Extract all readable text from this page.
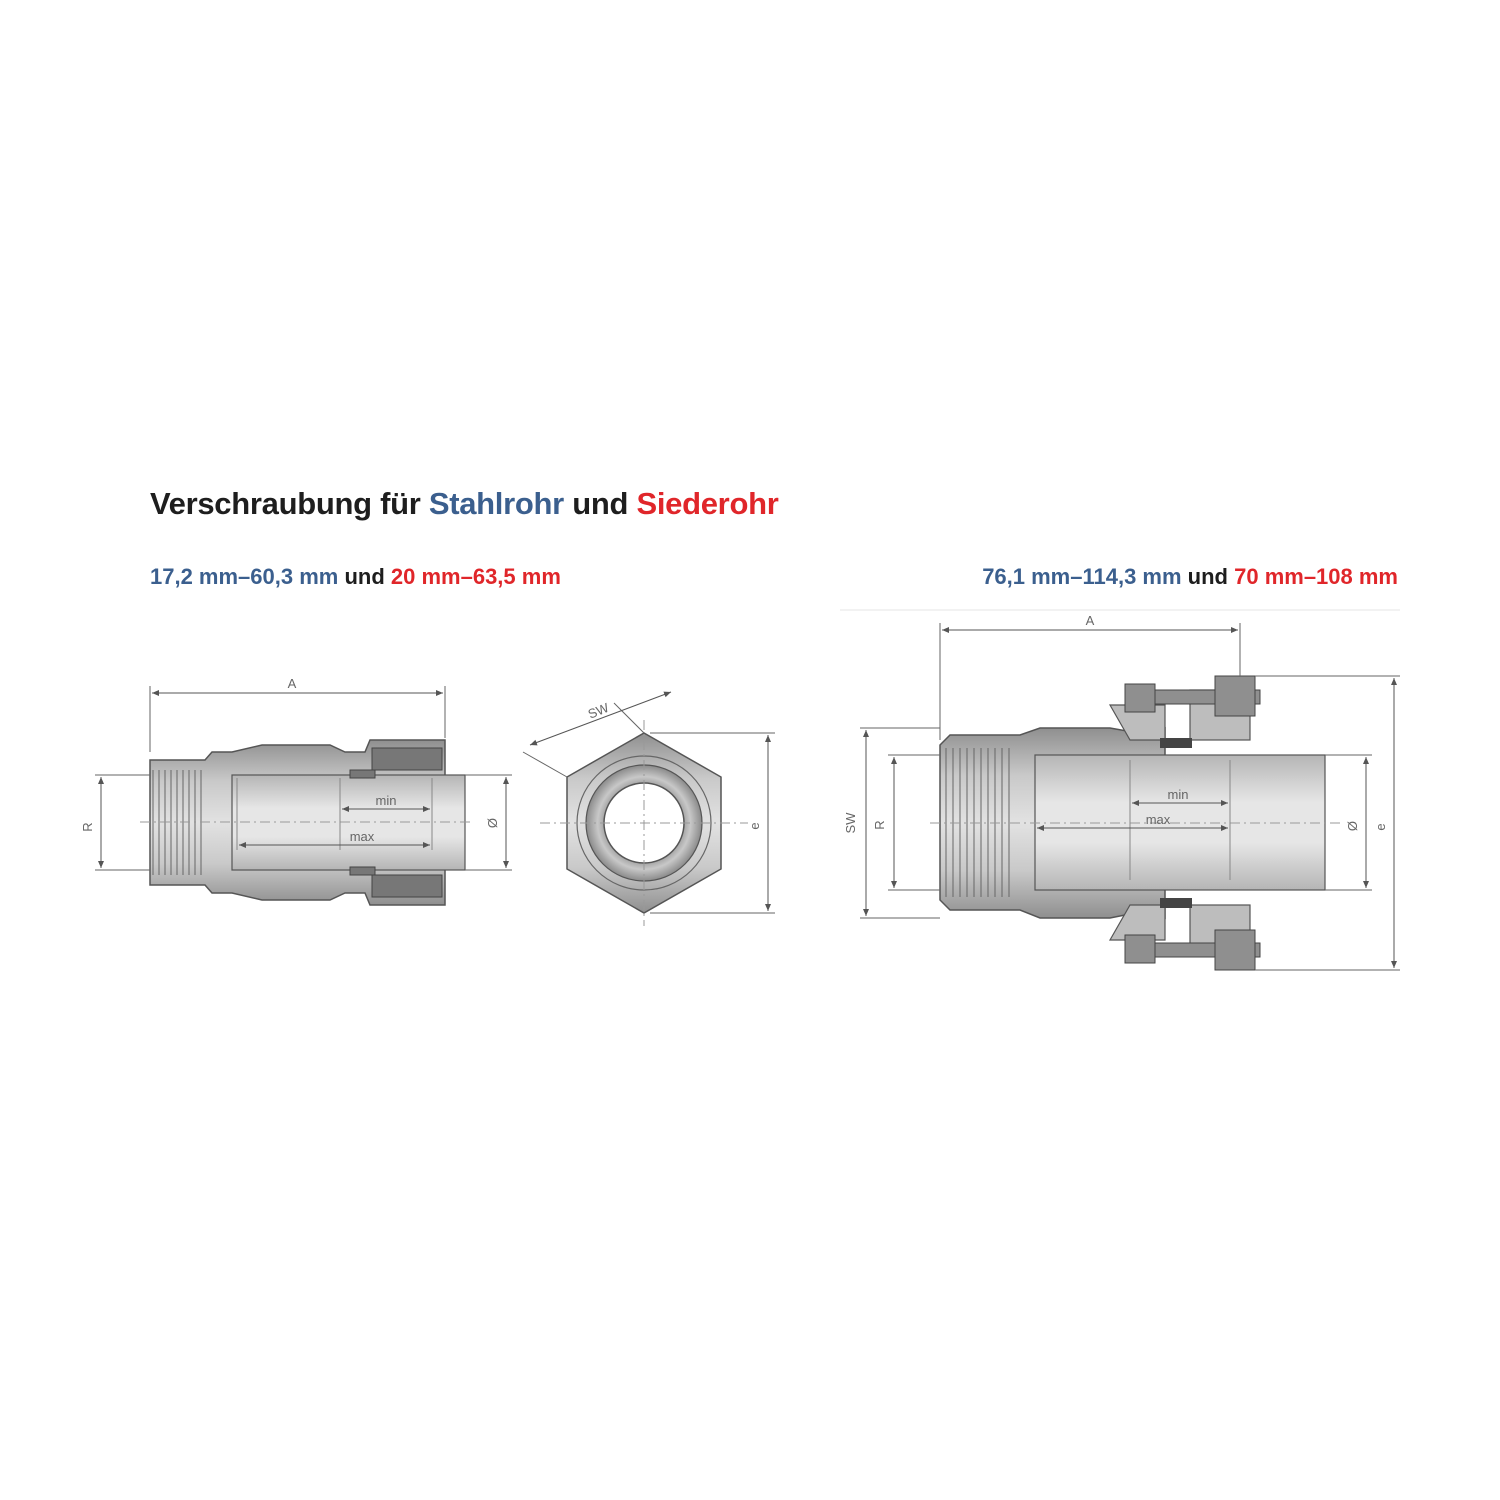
Verschraubung für Stahlrohr und Siederohr
17,2 mm–60,3 mm und 20 mm–63,5 mm	76,1 mm–114,3 mm und 70 mm–108 mm
A
R
min
max
Ø
SW
e
A
SW R
min
max	Ø e
